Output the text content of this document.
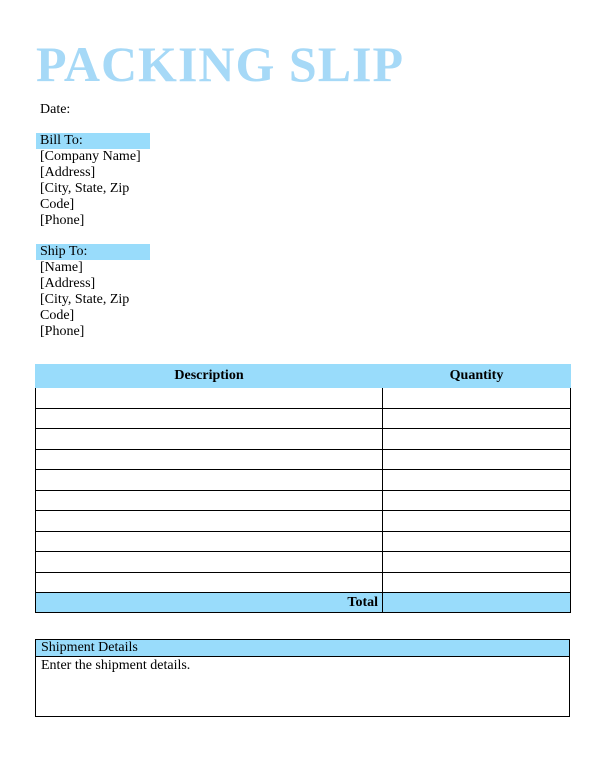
PACKING SLIP
Date:
Bill To:
[Company Name]
[Address]
[City, State, Zip Code]
[Phone]
Ship To:
[Name]
[Address]
[City, State, Zip Code]
[Phone]
Description	Quantity

Total	
Shipment Details
Enter the shipment details.
